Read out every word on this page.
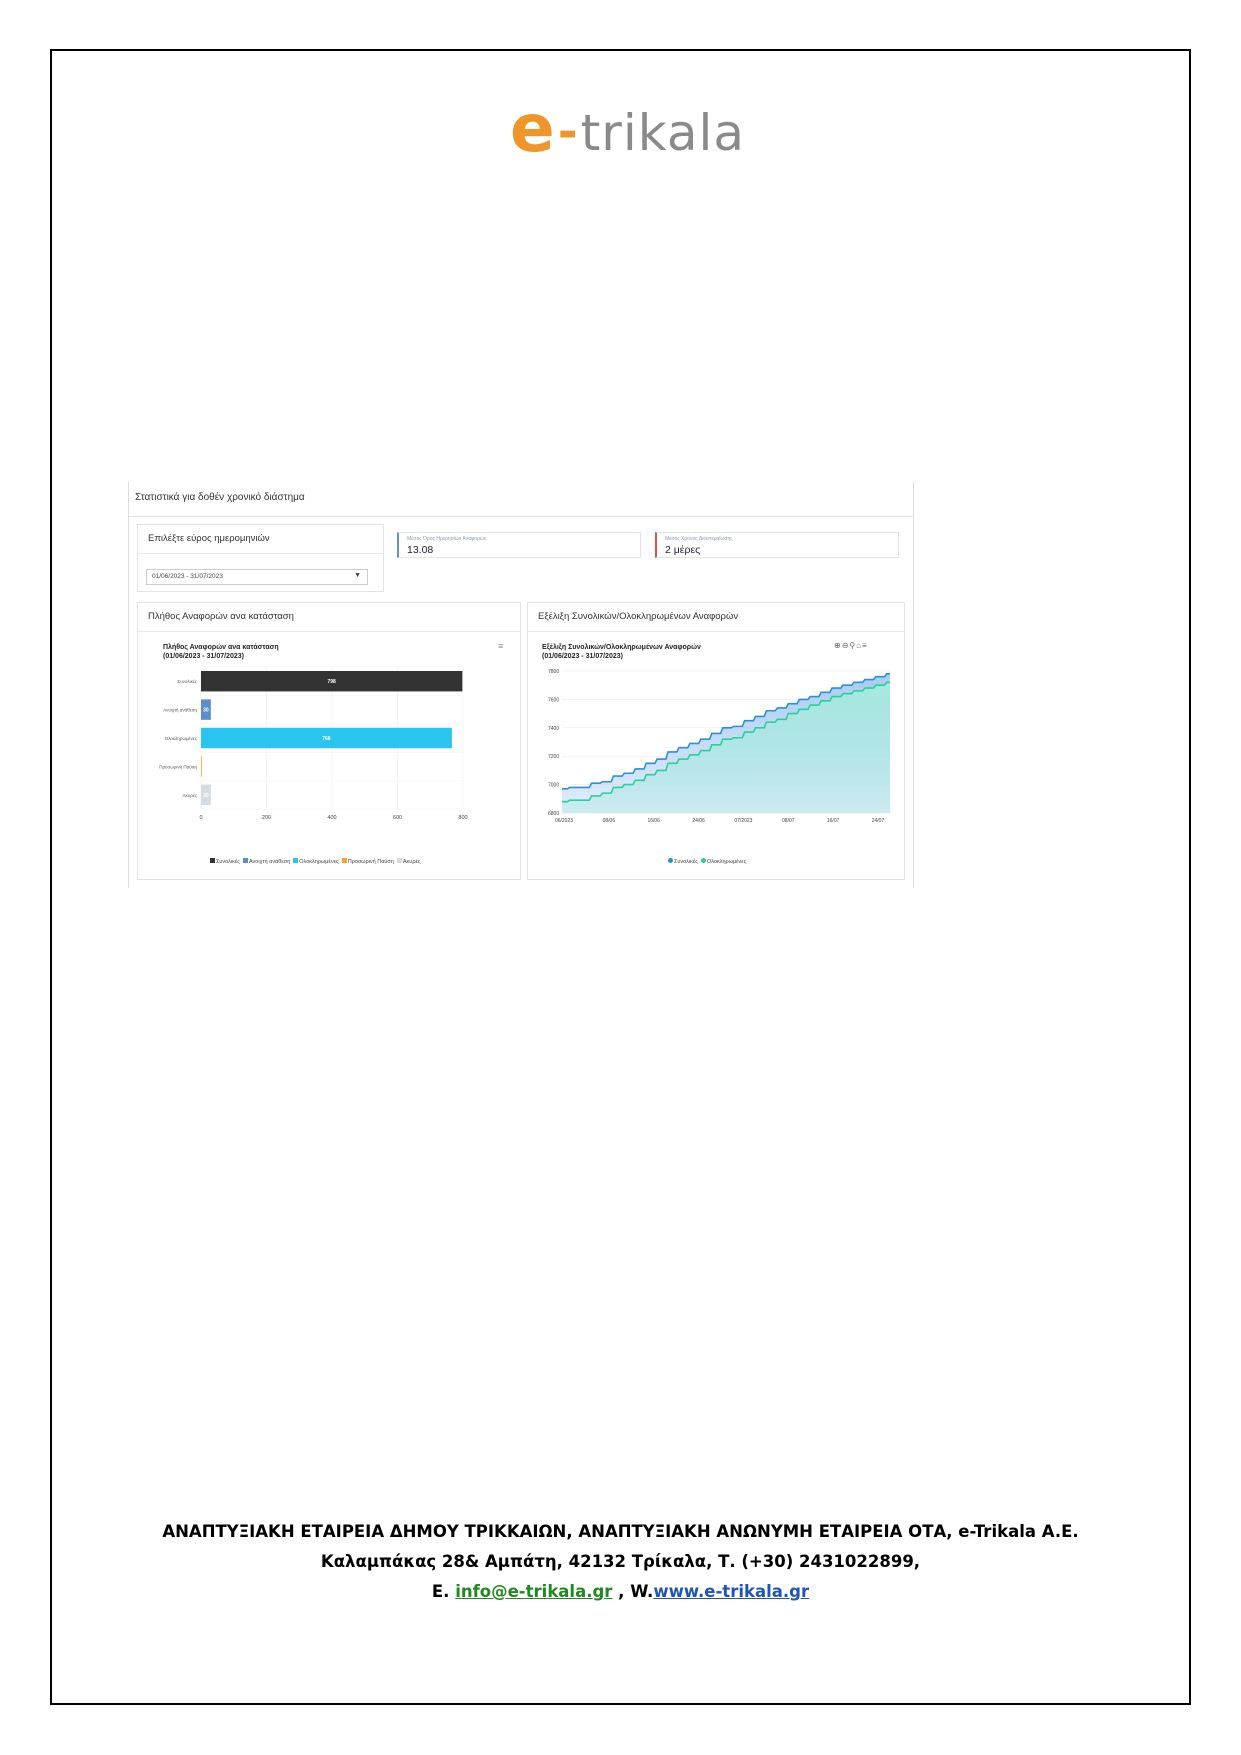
e - trikala
Στατιστικά για δοθέν χρονικό διάστημα
Επιλέξτε εύρος ημερομηνιών
01/06/2023 - 31/07/2023	▼
Μέσος Όρος Ημερησίων Αναφορών
13.08
Μέσος Χρόνος Διεκπεραίωσης
2 μέρες
Πλήθος Αναφορών ανα κατάσταση
Πλήθος Αναφορών ανα κατάσταση
(01/06/2023 - 31/07/2023)
≡
0	200	400	600	800
Συνολικές	798
Ανοιχτή ανάθεση 30
Ολοκληρωμένες	766
Προσωρινή Παύση
Ακυρές 30
Συνολικές	Ανοιχτή ανάθεση	Ολοκληρωμένες	Προσωρινή Παύση	Ακυρές
Εξέλιξη Συνολικών/Ολοκληρωμένων Αναφορών
Εξέλιξη Συνολικών/Ολοκληρωμένων Αναφορών
(01/06/2023 - 31/07/2023)
⊕⊖⚲⌂≡
6800
7000
7200
7400
7600
7800
06/2023	08/06	16/06	24/06	07/2023	08/07	16/07	24/07
Συνολικές	Ολοκληρωμένες
ΑΝΑΠΤΥΞΙΑΚΗ ΕΤΑΙΡΕΙΑ ΔΗΜΟΥ ΤΡΙΚΚΑΙΩΝ, ΑΝΑΠΤΥΞΙΑΚΗ ΑΝΩΝΥΜΗ ΕΤΑΙΡΕΙΑ ΟΤΑ, e-Trikala A.E.
Καλαμπάκας 28& Αμπάτη, 42132 Τρίκαλα, Τ. (+30) 2431022899,
Ε. info@e-trikala.gr , W.www.e-trikala.gr
